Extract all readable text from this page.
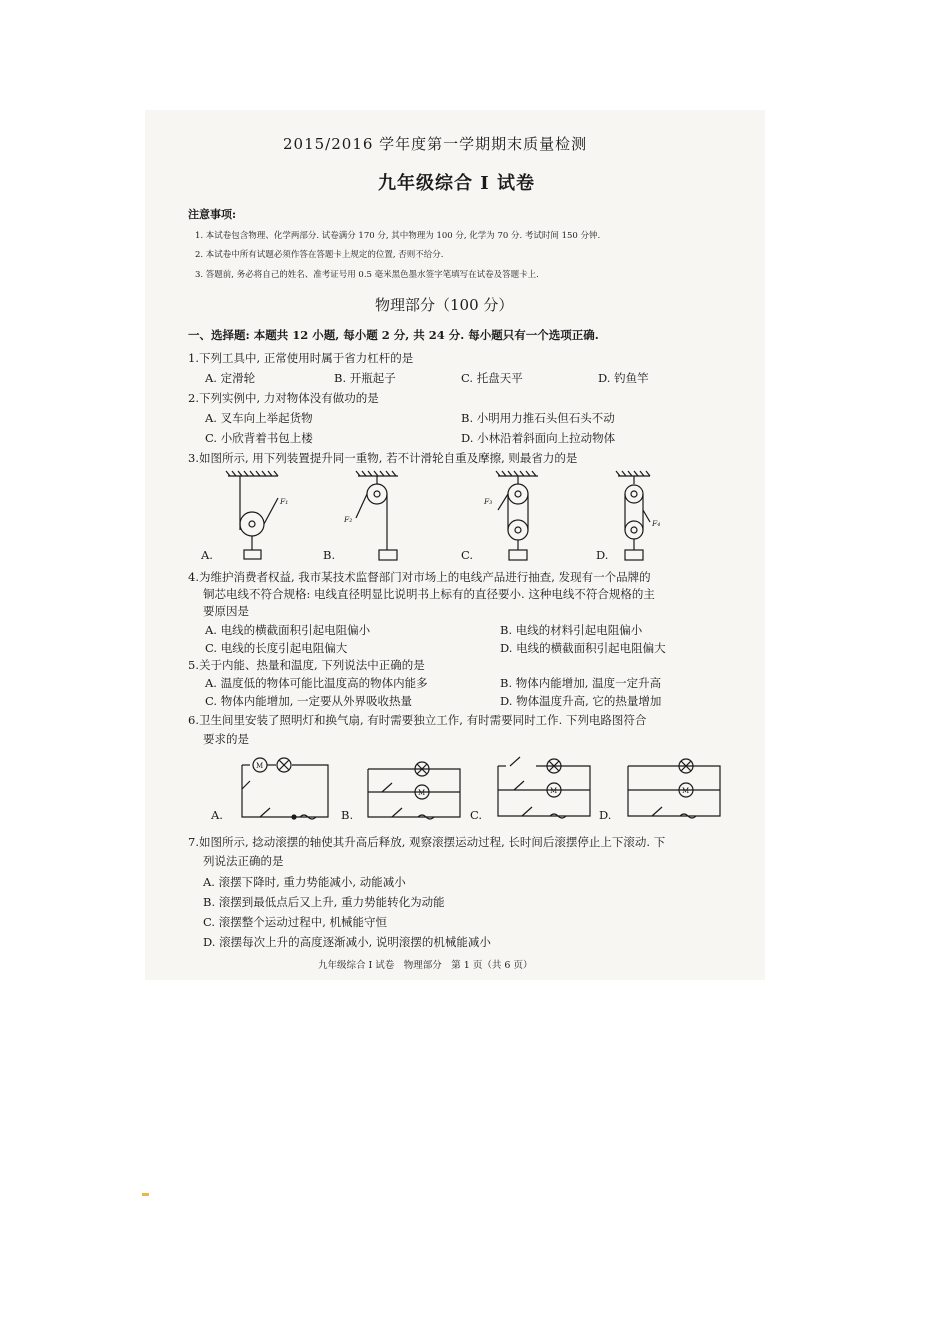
2015/2016 学年度第一学期期末质量检测
九年级综合 I 试卷
注意事项:
1. 本试卷包含物理、化学两部分. 试卷满分 170 分, 其中物理为 100 分, 化学为 70 分. 考试时间 150 分钟.
2. 本试卷中所有试题必须作答在答题卡上规定的位置, 否则不给分.
3. 答题前, 务必将自己的姓名、准考证号用 0.5 毫米黑色墨水签字笔填写在试卷及答题卡上.
物理部分（100 分）
一、选择题: 本题共 12 小题, 每小题 2 分, 共 24 分. 每小题只有一个选项正确.
1.下列工具中, 正常使用时属于省力杠杆的是
A. 定滑轮	B. 开瓶起子	C. 托盘天平	D. 钓鱼竿
2.下列实例中, 力对物体没有做功的是
A. 叉车向上举起货物	B. 小明用力推石头但石头不动
C. 小欣背着书包上楼	D. 小林沿着斜面向上拉动物体
3.如图所示, 用下列装置提升同一重物, 若不计滑轮自重及摩擦, 则最省力的是
F₁
A.
F₂
B.
F₃
C.
F₄
D.
4.为维护消费者权益, 我市某技术监督部门对市场上的电线产品进行抽查, 发现有一个品牌的
铜芯电线不符合规格: 电线直径明显比说明书上标有的直径要小. 这种电线不符合规格的主
要原因是
A. 电线的横截面积引起电阻偏小	B. 电线的材料引起电阻偏小
C. 电线的长度引起电阻偏大	D. 电线的横截面积引起电阻偏大
5.关于内能、热量和温度, 下列说法中正确的是
A. 温度低的物体可能比温度高的物体内能多	B. 物体内能增加, 温度一定升高
C. 物体内能增加, 一定要从外界吸收热量	D. 物体温度升高, 它的热量增加
6.卫生间里安装了照明灯和换气扇, 有时需要独立工作, 有时需要同时工作. 下列电路图符合
要求的是
M
A.
M
B.
M
C.
M
D.
7.如图所示, 捻动滚摆的轴使其升高后释放, 观察滚摆运动过程, 长时间后滚摆停止上下滚动. 下
列说法正确的是
A. 滚摆下降时, 重力势能减小, 动能减小
B. 滚摆到最低点后又上升, 重力势能转化为动能
C. 滚摆整个运动过程中, 机械能守恒
D. 滚摆每次上升的高度逐渐减小, 说明滚摆的机械能减小
九年级综合 I 试卷　物理部分　第 1 页（共 6 页）
